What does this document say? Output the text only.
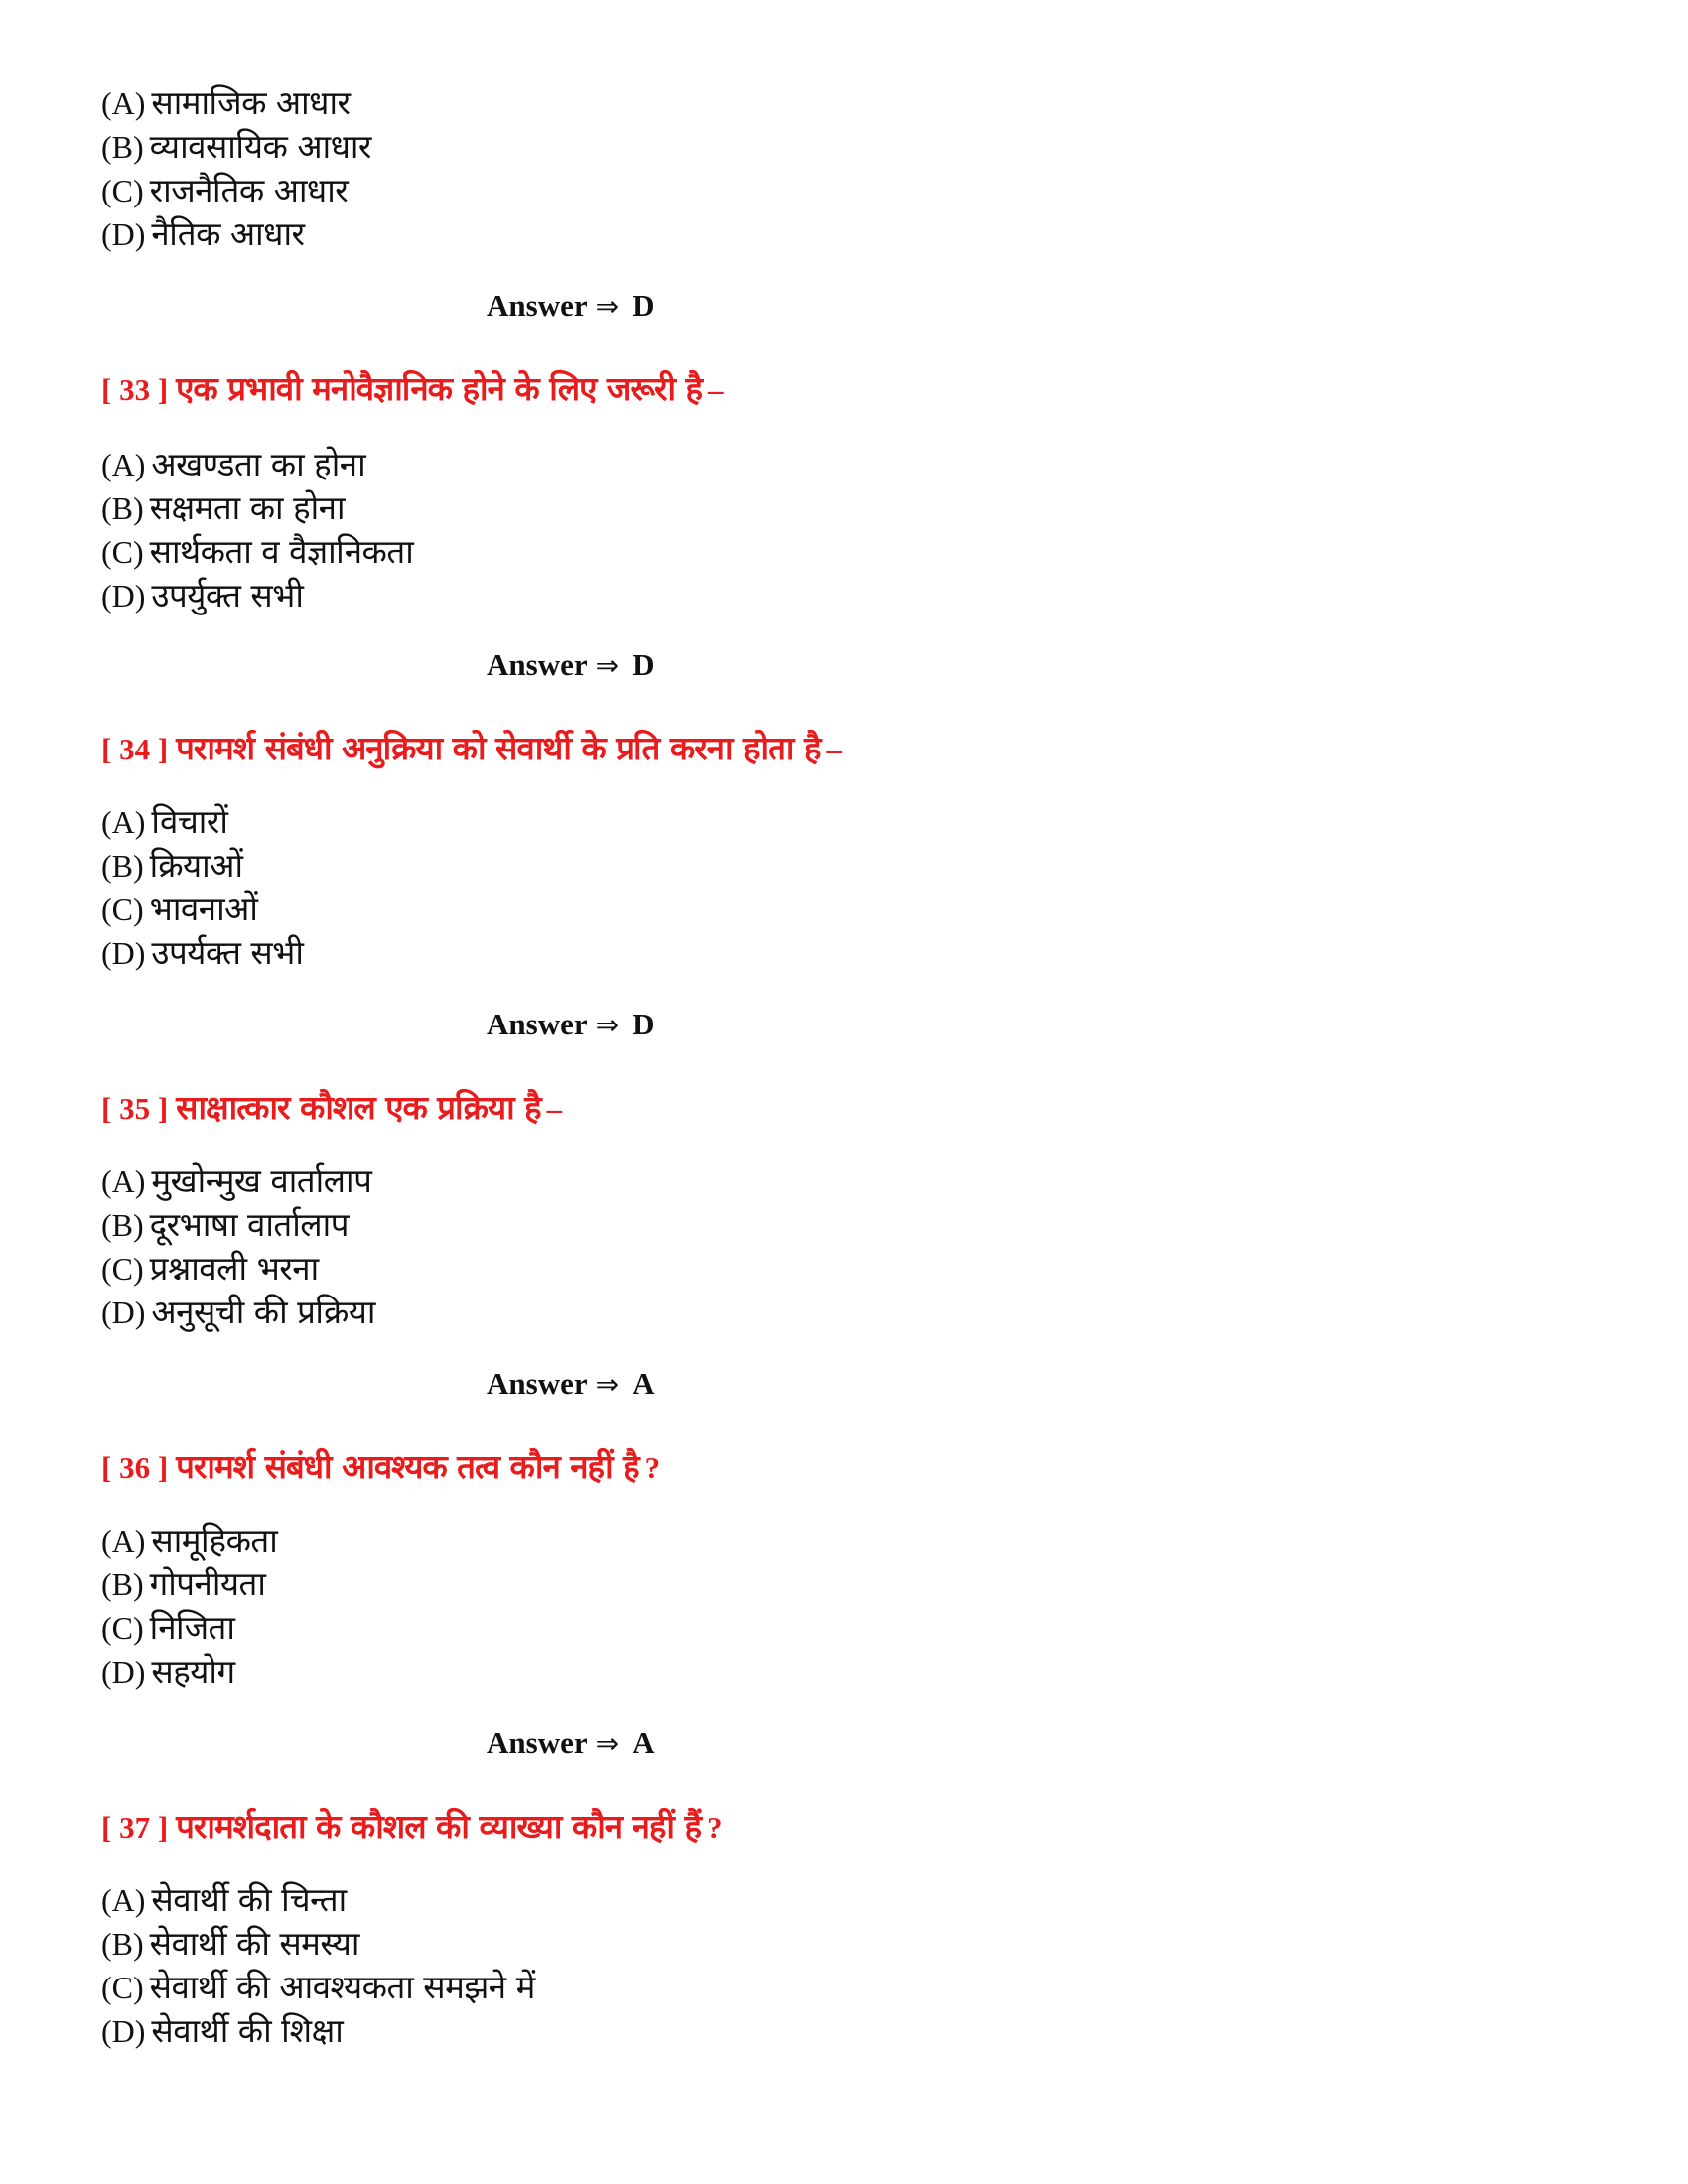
(A) सामाजिक आधार
(B) व्यावसायिक आधार
(C) राजनैतिक आधार
(D) नैतिक आधार
Answer ⇒ D
[ 33 ] एक प्रभावी मनोवैज्ञानिक होने के लिए जरूरी है –
(A) अखण्डता का होना
(B) सक्षमता का होना
(C) सार्थकता व वैज्ञानिकता
(D) उपर्युक्त सभी
Answer ⇒ D
[ 34 ] परामर्श संबंधी अनुक्रिया को सेवार्थी के प्रति करना होता है –
(A) विचारों
(B) क्रियाओं
(C) भावनाओं
(D) उपर्यक्त सभी
Answer ⇒ D
[ 35 ] साक्षात्कार कौशल एक प्रक्रिया है –
(A) मुखोन्मुख वार्तालाप
(B) दूरभाषा वार्तालाप
(C) प्रश्नावली भरना
(D) अनुसूची की प्रक्रिया
Answer ⇒ A
[ 36 ] परामर्श संबंधी आवश्यक तत्व कौन नहीं है ?
(A) सामूहिकता
(B) गोपनीयता
(C) निजिता
(D) सहयोग
Answer ⇒ A
[ 37 ] परामर्शदाता के कौशल की व्याख्या कौन नहीं हैं ?
(A) सेवार्थी की चिन्ता
(B) सेवार्थी की समस्या
(C) सेवार्थी की आवश्यकता समझने में
(D) सेवार्थी की शिक्षा
